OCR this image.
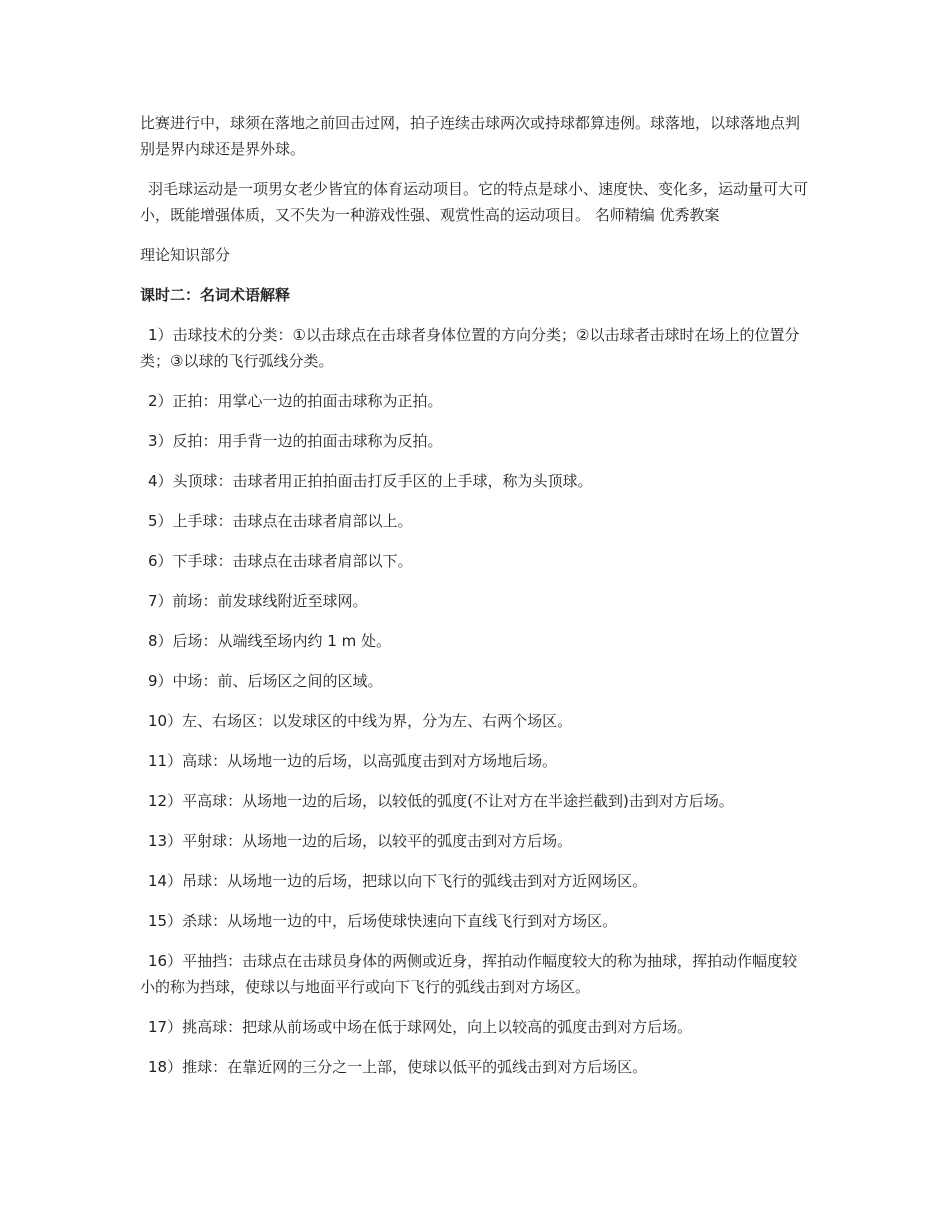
比赛进行中，球须在落地之前回击过网，拍子连续击球两次或持球都算违例。球落地，以球落地点判别是界内球还是界外球。

羽毛球运动是一项男女老少皆宜的体育运动项目。它的特点是球小、速度快、变化多，运动量可大可小，既能增强体质，又不失为一种游戏性强、观赏性高的运动项目。 名师精编 优秀教案

理论知识部分

课时二：名词术语解释

1）击球技术的分类：①以击球点在击球者身体位置的方向分类；②以击球者击球时在场上的位置分类；③以球的飞行弧线分类。

2）正拍：用掌心一边的拍面击球称为正拍。

3）反拍：用手背一边的拍面击球称为反拍。

4）头顶球：击球者用正拍拍面击打反手区的上手球，称为头顶球。

5）上手球：击球点在击球者肩部以上。

6）下手球：击球点在击球者肩部以下。

7）前场：前发球线附近至球网。

8）后场：从端线至场内约 1 m 处。

9）中场：前、后场区之间的区域。

10）左、右场区：以发球区的中线为界，分为左、右两个场区。

11）高球：从场地一边的后场，以高弧度击到对方场地后场。

12）平高球：从场地一边的后场，以较低的弧度(不让对方在半途拦截到)击到对方后场。

13）平射球：从场地一边的后场，以较平的弧度击到对方后场。

14）吊球：从场地一边的后场，把球以向下飞行的弧线击到对方近网场区。

15）杀球：从场地一边的中，后场使球快速向下直线飞行到对方场区。

16）平抽挡：击球点在击球员身体的两侧或近身，挥拍动作幅度较大的称为抽球，挥拍动作幅度较小的称为挡球，使球以与地面平行或向下飞行的弧线击到对方场区。

17）挑高球：把球从前场或中场在低于球网处，向上以较高的弧度击到对方后场。

18）推球：在靠近网的三分之一上部，使球以低平的弧线击到对方后场区。
